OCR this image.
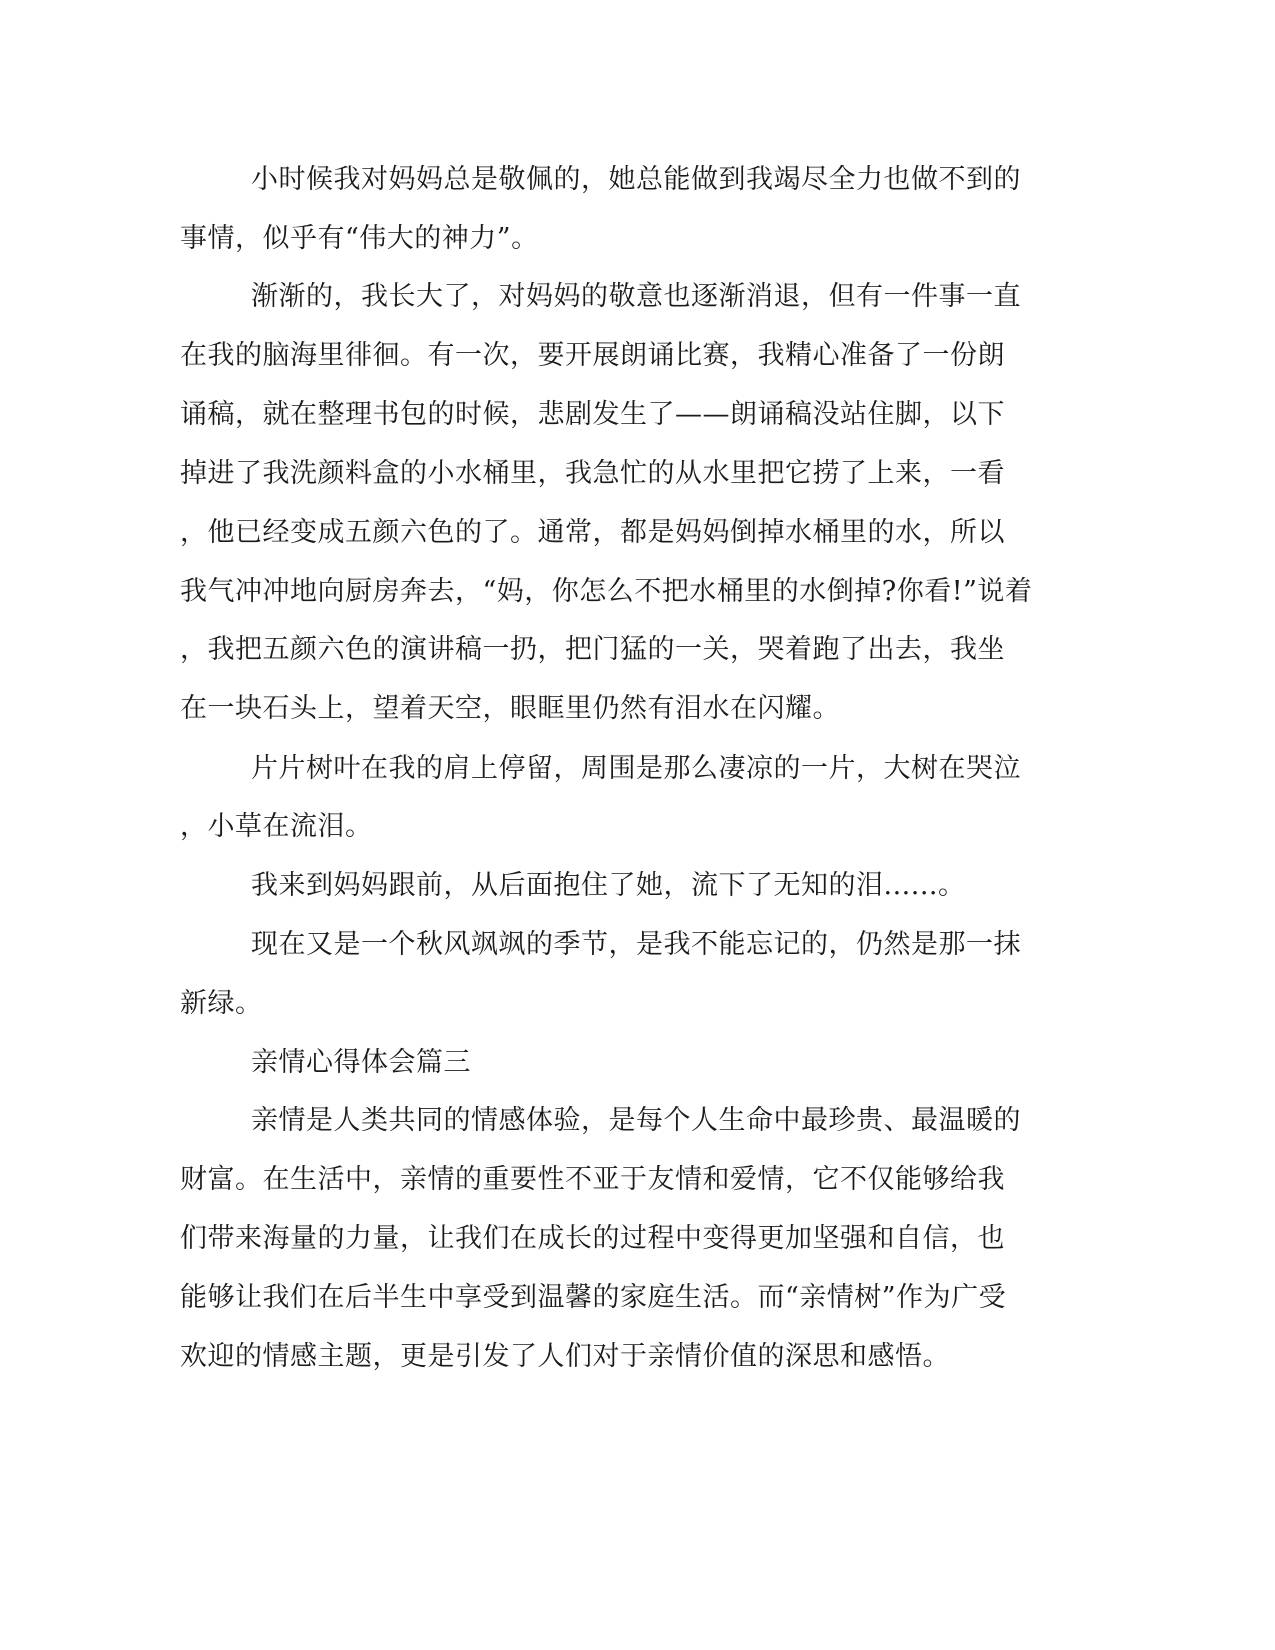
小时候我对妈妈总是敬佩的，她总能做到我竭尽全力也做不到的

事情，似乎有“伟大的神力”。

渐渐的，我长大了，对妈妈的敬意也逐渐消退，但有一件事一直

在我的脑海里徘徊。有一次，要开展朗诵比赛，我精心准备了一份朗

诵稿，就在整理书包的时候，悲剧发生了——朗诵稿没站住脚，以下

掉进了我洗颜料盒的小水桶里，我急忙的从水里把它捞了上来，一看

，他已经变成五颜六色的了。通常，都是妈妈倒掉水桶里的水，所以

我气冲冲地向厨房奔去，“妈，你怎么不把水桶里的水倒掉?你看!”说着

，我把五颜六色的演讲稿一扔，把门猛的一关，哭着跑了出去，我坐

在一块石头上，望着天空，眼眶里仍然有泪水在闪耀。

片片树叶在我的肩上停留，周围是那么凄凉的一片，大树在哭泣

，小草在流泪。

我来到妈妈跟前，从后面抱住了她，流下了无知的泪......。

现在又是一个秋风飒飒的季节，是我不能忘记的，仍然是那一抹

新绿。

亲情心得体会篇三

亲情是人类共同的情感体验，是每个人生命中最珍贵、最温暖的

财富。在生活中，亲情的重要性不亚于友情和爱情，它不仅能够给我

们带来海量的力量，让我们在成长的过程中变得更加坚强和自信，也

能够让我们在后半生中享受到温馨的家庭生活。而“亲情树”作为广受

欢迎的情感主题，更是引发了人们对于亲情价值的深思和感悟。
